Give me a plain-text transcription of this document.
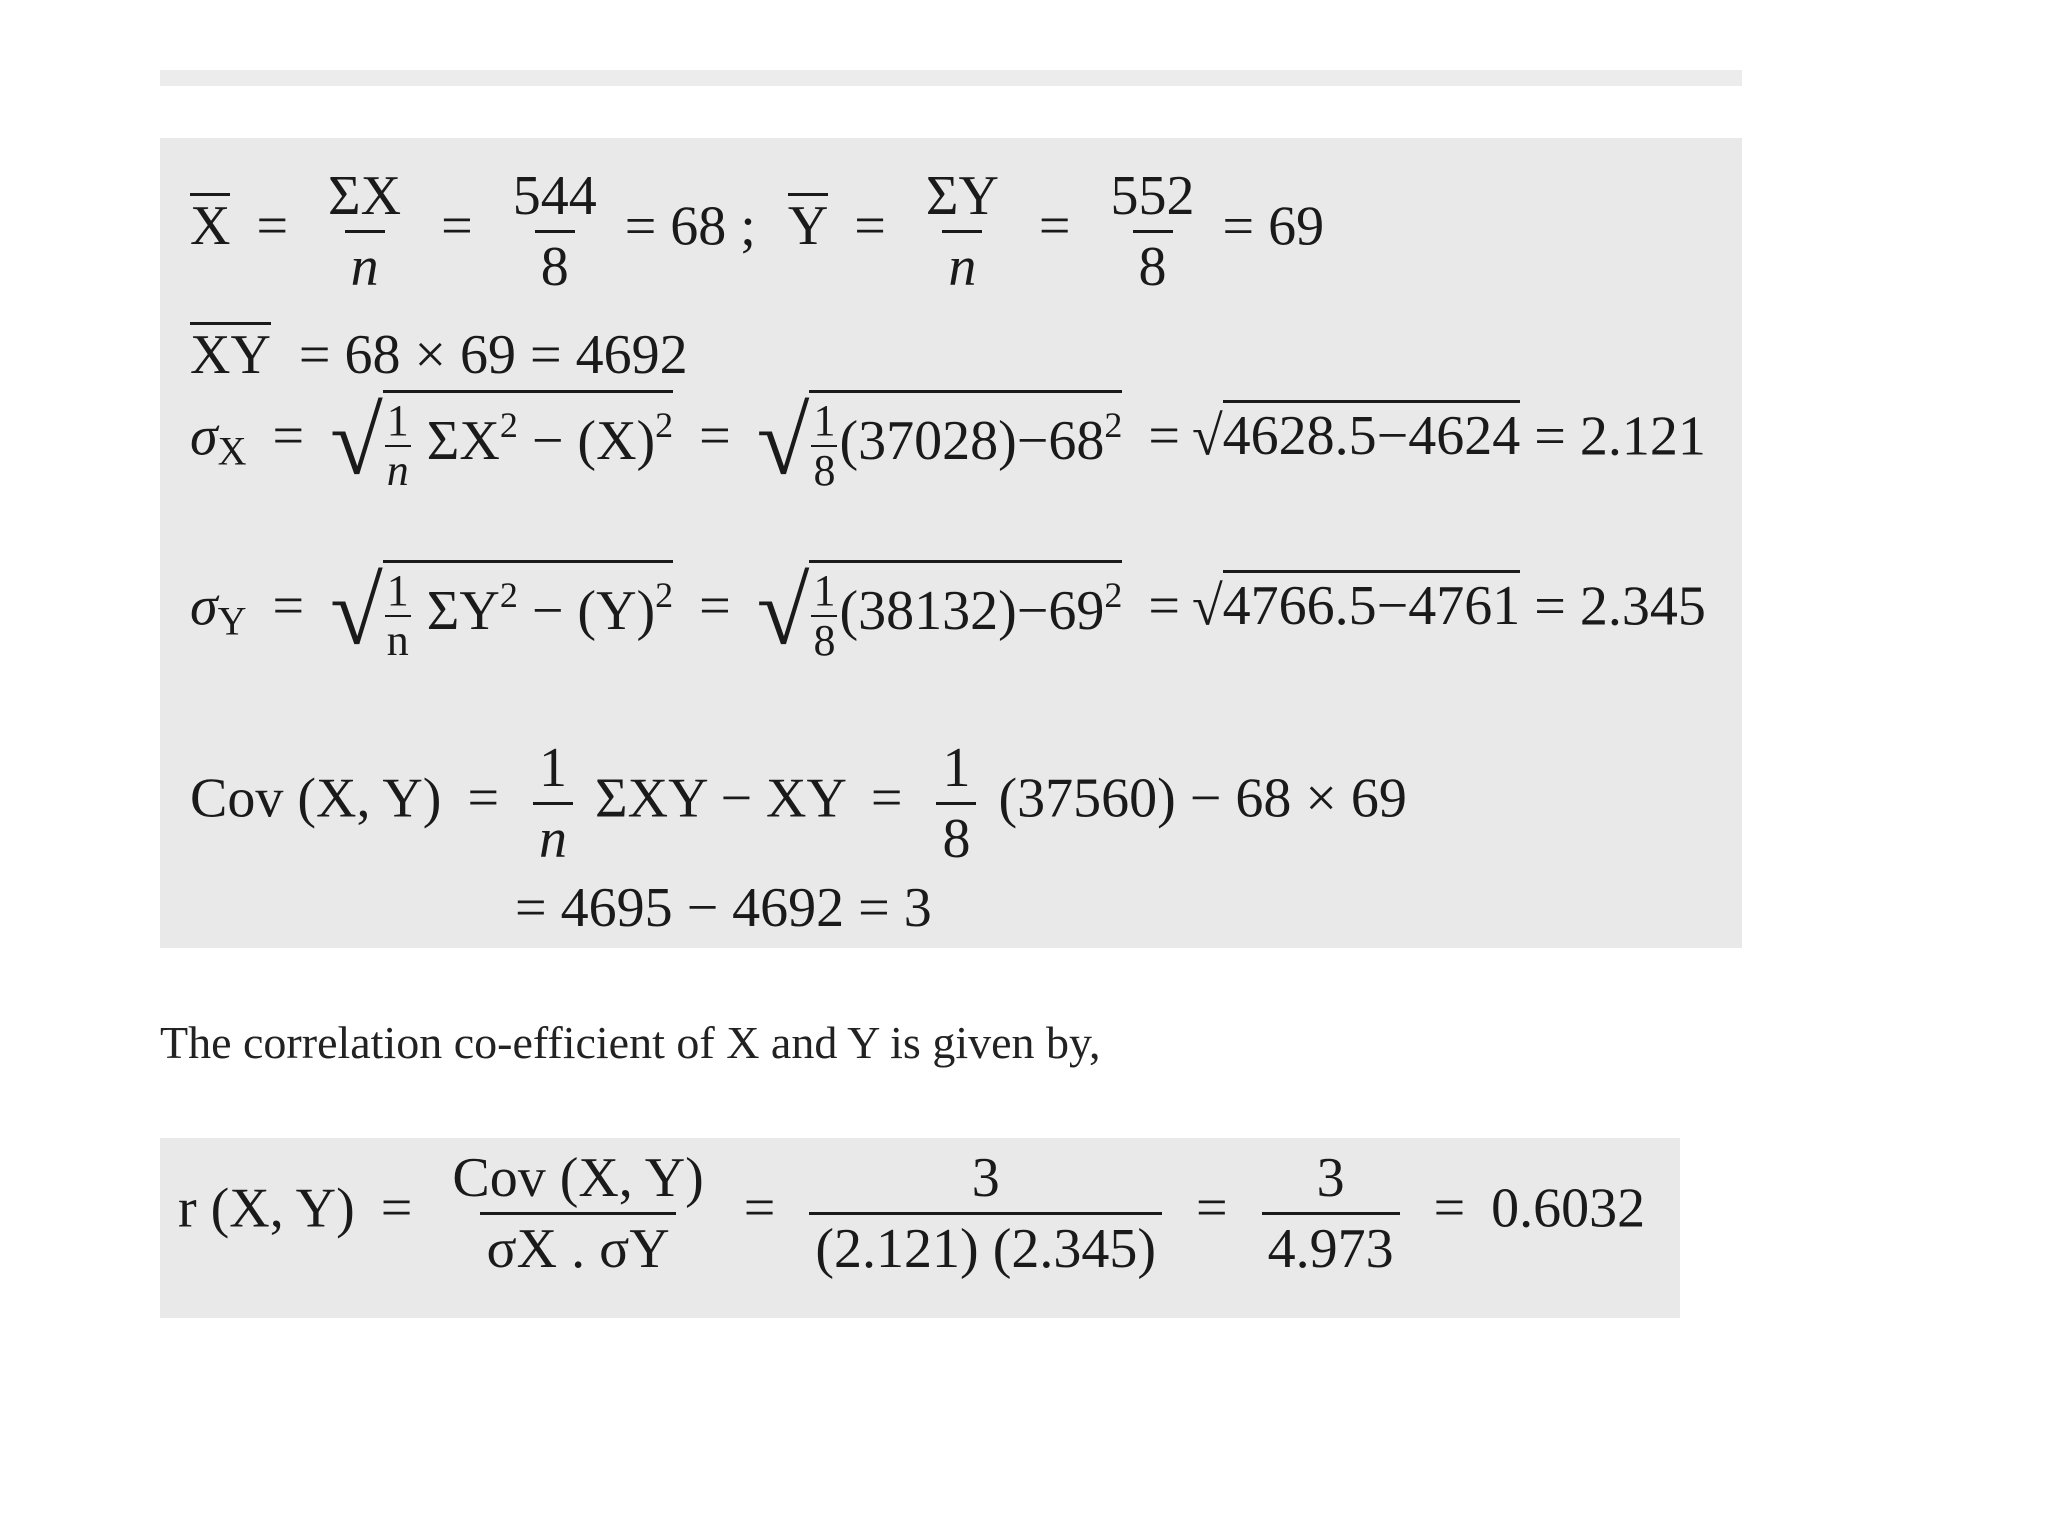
$X = \frac{\Sigma X}{n} = \frac{544}{8} = 68$ ; $Y = \frac{\Sigma Y}{n} = \frac{552}{8} = 69$
XY = 68 × 69 = 4692
$\sigma_X$ = √ $\frac{1}{n} \Sigma X^2 - (X)^2$ = √ $\frac{1}{8} (37028)-68^2 = √4628.5-4624 = 2.121$
$\sigma_Y$ = √ $\frac{1}{n} \Sigma Y^2 - (Y)^2$ = √ $\frac{1}{8} (38132)-69^2 = √4766.5-4761 = 2.345$
Cov (X, $Y) = \frac{1}{n}$ ΣXY − XY = $\frac{1}{8} (37560) - 68 \times 69$
= 4695 − 4692 = 3
The correlation co-efficient of X and Y is given by,
r (X, $Y) = \frac{\text{Cov (X, Y)}}{\sigma X . \sigma Y} = \frac{3}{(2.121) (2.345)} = \frac{3}{4.973} = 0.6032$
